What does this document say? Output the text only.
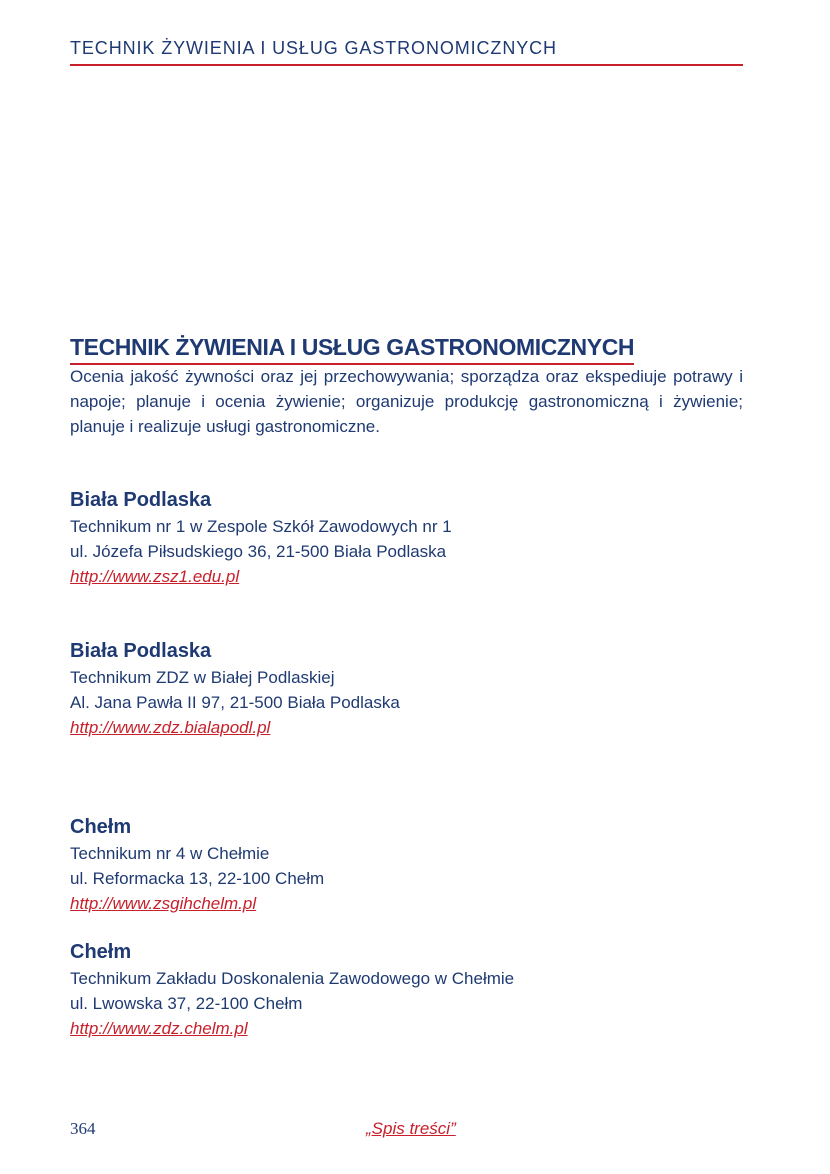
TECHNIK ŻYWIENIA I USŁUG GASTRONOMICZNYCH
TECHNIK ŻYWIENIA I USŁUG GASTRONOMICZNYCH

Ocenia jakość żywności oraz jej przechowywania; sporządza oraz ekspediuje potrawy i napoje; planuje i ocenia żywienie; organizuje produkcję gastronomiczną i żywienie; planuje i realizuje usługi gastronomiczne.

Biała Podlaska
Technikum nr 1 w Zespole Szkół Zawodowych nr 1
ul. Józefa Piłsudskiego 36, 21-500 Biała Podlaska
http://www.zsz1.edu.pl
Biała Podlaska
Technikum ZDZ w Białej Podlaskiej
Al. Jana Pawła II 97, 21-500 Biała Podlaska
http://www.zdz.bialapodl.pl
Chełm
Technikum nr 4 w Chełmie
ul. Reformacka 13, 22-100 Chełm
http://www.zsgihchelm.pl
Chełm
Technikum Zakładu Doskonalenia Zawodowego w Chełmie
ul. Lwowska 37, 22-100 Chełm
http://www.zdz.chelm.pl
364	„Spis treści”
